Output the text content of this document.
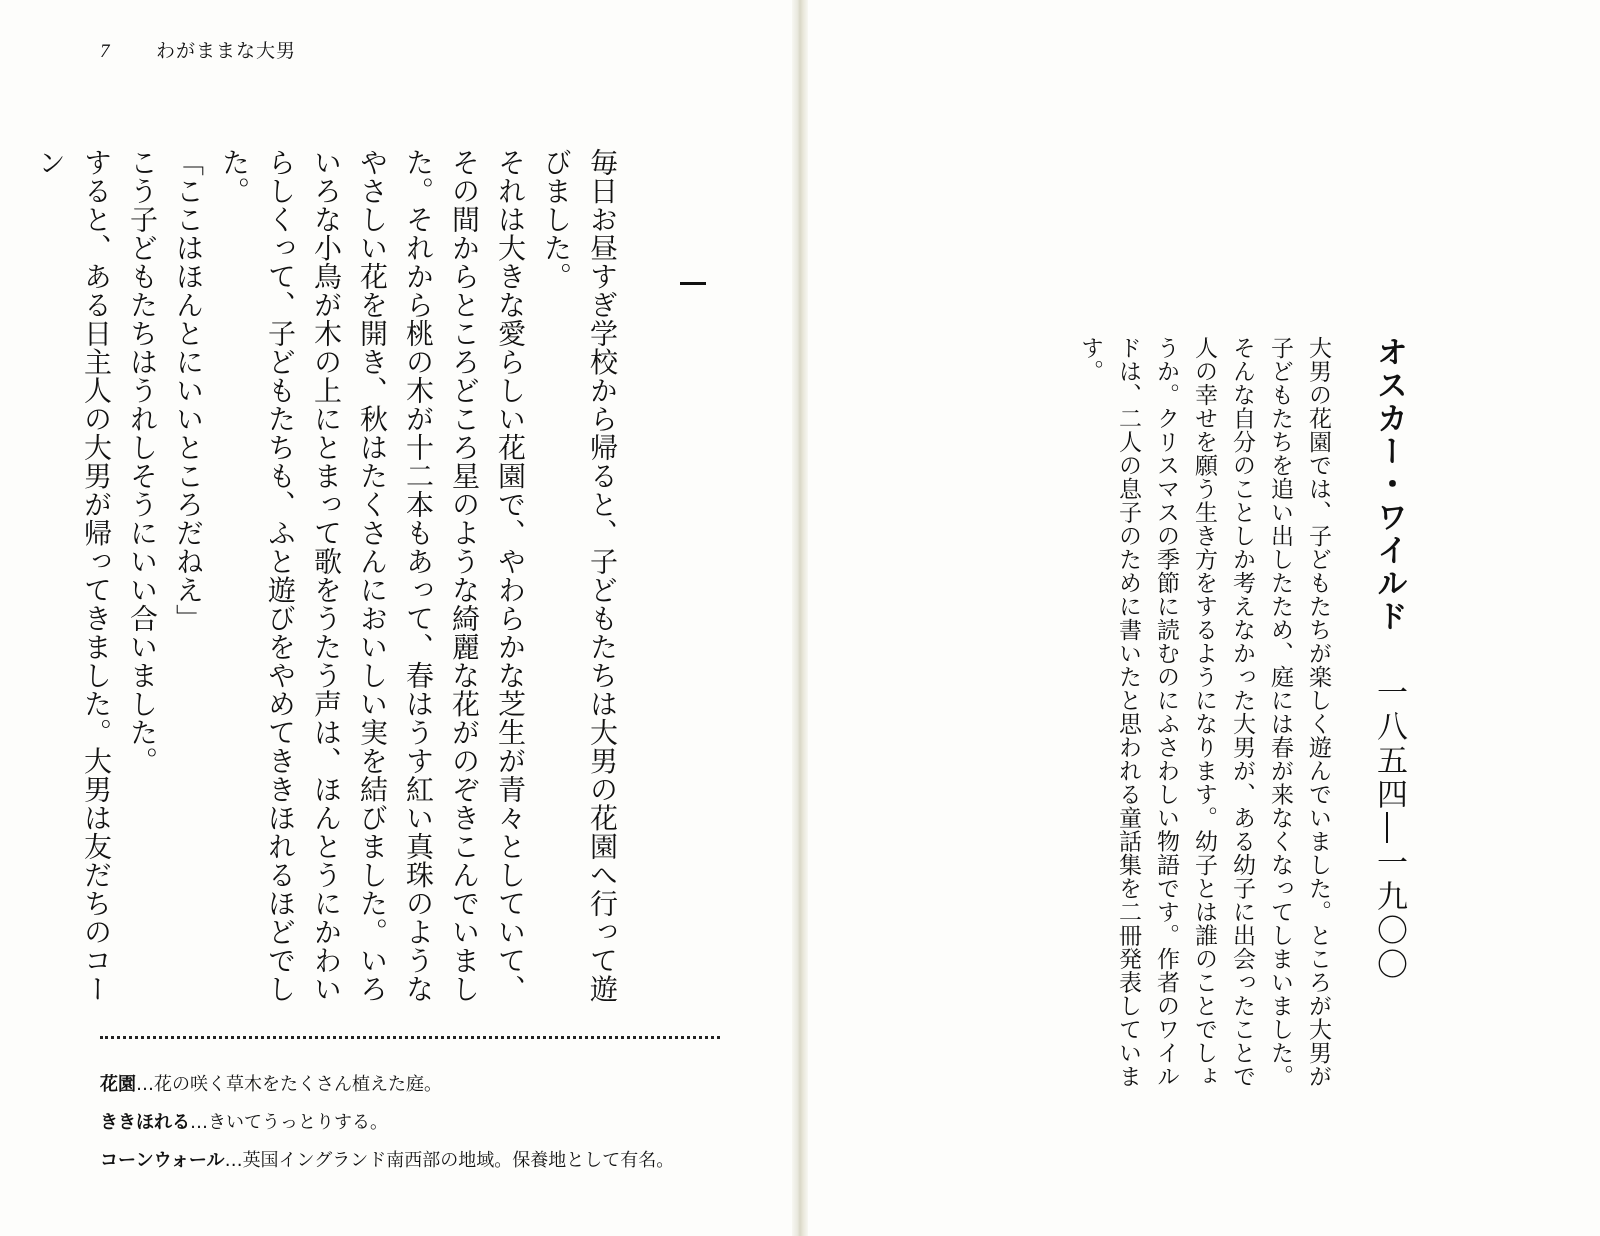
7 わがままな大男

毎日お昼すぎ学校から帰ると、子どもたちは大男の花園へ行って遊びました。

それは大きな愛らしい花園で、やわらかな芝生が青々としていて、その間からところどころ星のような綺麗な花がのぞきこんでいました。それから桃の木が十二本もあって、春はうす紅い真珠のようなやさしい花を開き、秋はたくさんにおいしい実を結びました。いろいろな小鳥が木の上にとまって歌をうたう声は、ほんとうにかわいらしくって、子どもたちも、ふと遊びをやめてききほれるほどでした。

「ここはほんとにいいところだねえ」

こう子どもたちはうれしそうにいい合いました。

すると、ある日主人の大男が帰ってきました。大男は友だちのコーン

花園…花の咲く草木をたくさん植えた庭。
ききほれる…きいてうっとりする。
コーンウォール…英国イングランド南西部の地域。保養地として有名。
オスカー・ワイルド 一八五四―一九〇〇

大男の花園では、子どもたちが楽しく遊んでいました。ところが大男が子どもたちを追い出したため、庭には春が来なくなってしまいました。そんな自分のことしか考えなかった大男が、ある幼子に出会ったことで人の幸せを願う生き方をするようになります。幼子とは誰のことでしょうか。クリスマスの季節に読むのにふさわしい物語です。作者のワイルドは、二人の息子のために書いたと思われる童話集を二冊発表しています。
